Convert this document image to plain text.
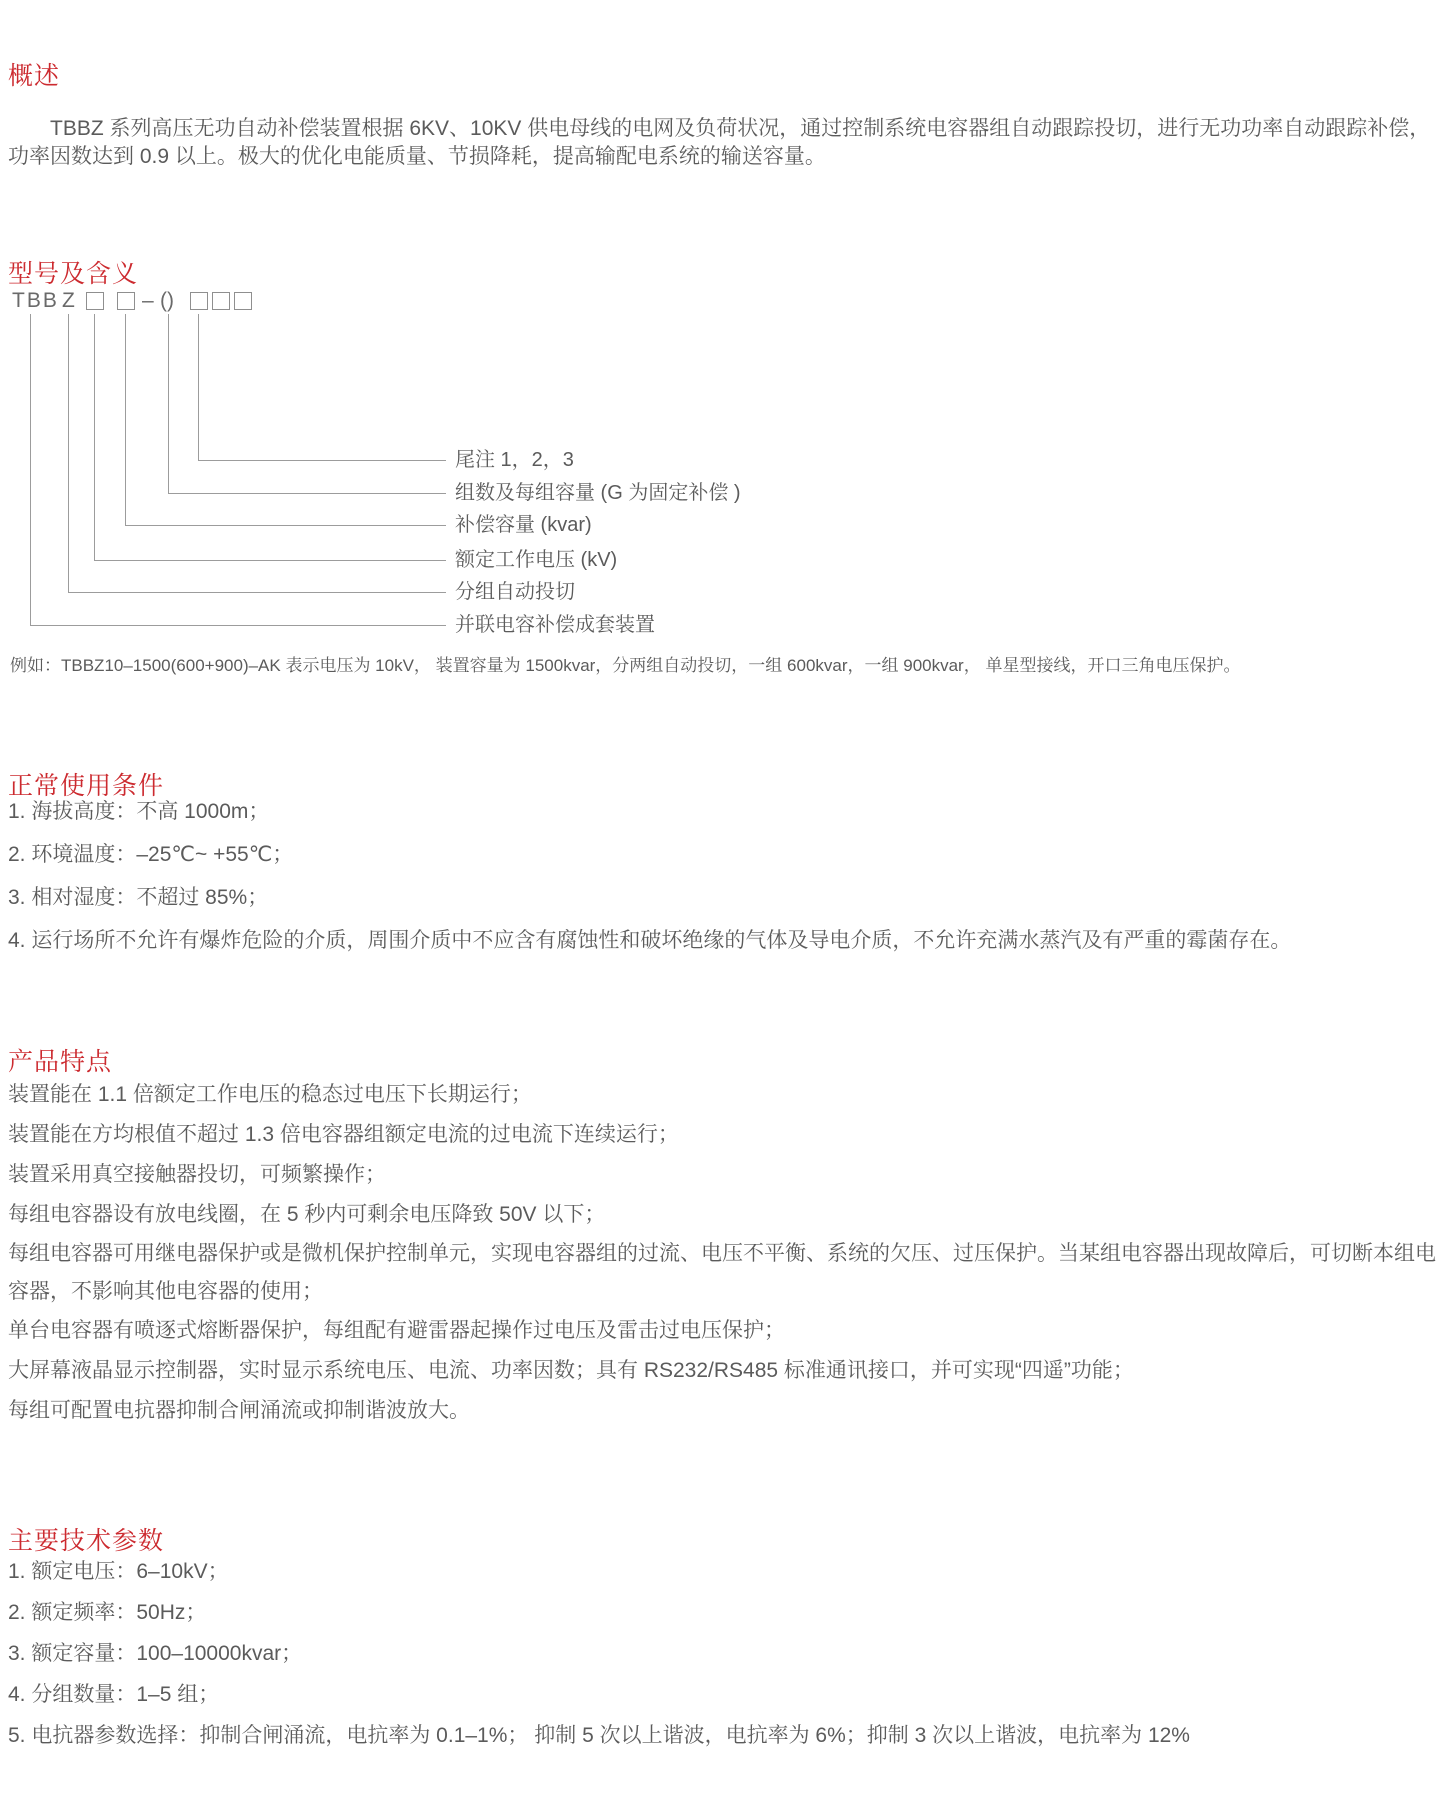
概述

TBBZ 系列高压无功自动补偿装置根据 6KV、10KV 供电母线的电网及负荷状况，通过控制系统电容器组自动跟踪投切，进行无功功率自动跟踪补偿，功率因数达到 0.9 以上。极大的优化电能质量、节损降耗，提高输配电系统的输送容量。

型号及含义
TBB Z	– ()
尾注 1，2，3
组数及每组容量 (G 为固定补偿 )
补偿容量 (kvar)
额定工作电压 (kV)
分组自动投切
并联电容补偿成套装置
例如：TBBZ10–1500(600+900)–AK 表示电压为 10kV， 装置容量为 1500kvar，分两组自动投切，一组 600kvar，一组 900kvar， 单星型接线，开口三角电压保护。
正常使用条件
1. 海拔高度：不高 1000m；
2. 环境温度：–25℃~ +55℃；
3. 相对湿度：不超过 85%；
4. 运行场所不允许有爆炸危险的介质，周围介质中不应含有腐蚀性和破坏绝缘的气体及导电介质，不允许充满水蒸汽及有严重的霉菌存在。
产品特点
装置能在 1.1 倍额定工作电压的稳态过电压下长期运行；
装置能在方均根值不超过 1.3 倍电容器组额定电流的过电流下连续运行；
装置采用真空接触器投切，可频繁操作；
每组电容器设有放电线圈，在 5 秒内可剩余电压降致 50V 以下；
每组电容器可用继电器保护或是微机保护控制单元，实现电容器组的过流、电压不平衡、系统的欠压、过压保护。当某组电容器出现故障后，可切断本组电容器，不影响其他电容器的使用；
单台电容器有喷逐式熔断器保护，每组配有避雷器起操作过电压及雷击过电压保护；
大屏幕液晶显示控制器，实时显示系统电压、电流、功率因数；具有 RS232/RS485 标准通讯接口，并可实现“四遥”功能；
每组可配置电抗器抑制合闸涌流或抑制谐波放大。
主要技术参数
1. 额定电压：6–10kV；
2. 额定频率：50Hz；
3. 额定容量：100–10000kvar；
4. 分组数量：1–5 组；
5. 电抗器参数选择：抑制合闸涌流，电抗率为 0.1–1%； 抑制 5 次以上谐波，电抗率为 6%；抑制 3 次以上谐波，电抗率为 12%
